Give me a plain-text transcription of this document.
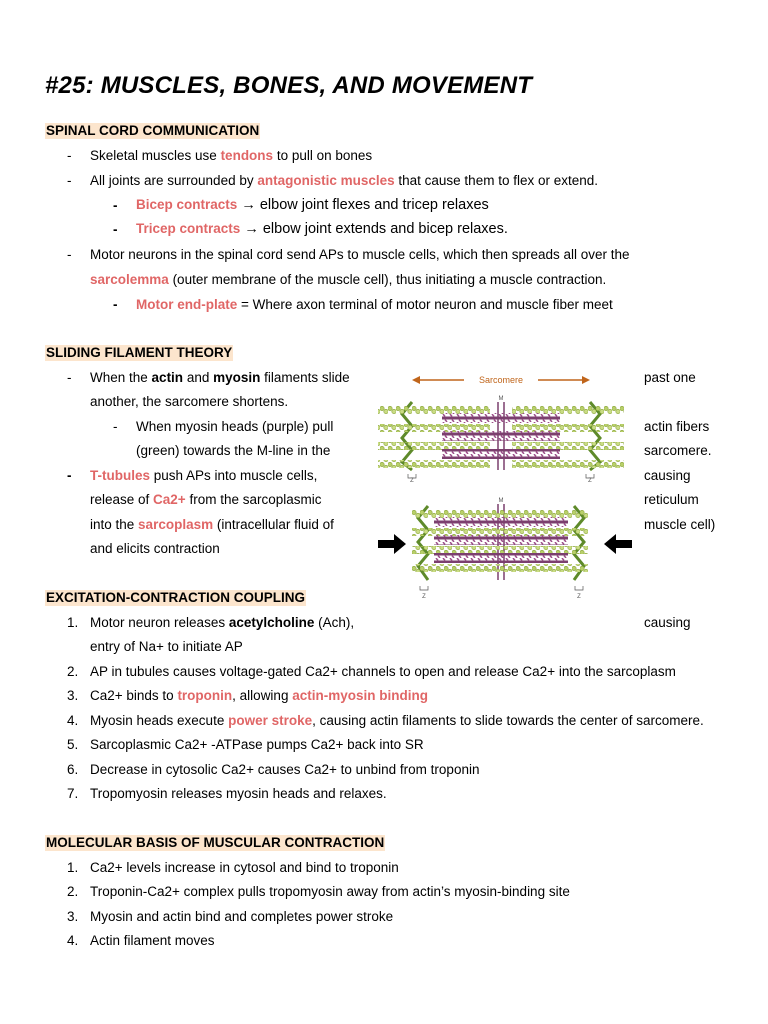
#25: MUSCLES, BONES, AND MOVEMENT
SPINAL CORD COMMUNICATION
- Skeletal muscles use tendons to pull on bones
- All joints are surrounded by antagonistic muscles that cause them to flex or extend.
- Bicep contracts → elbow joint flexes and tricep relaxes
- Tricep contracts → elbow joint extends and bicep relaxes.
- Motor neurons in the spinal cord send APs to muscle cells, which then spreads all over the
sarcolemma (outer membrane of the muscle cell), thus initiating a muscle contraction.
- Motor end-plate = Where axon terminal of motor neuron and muscle fiber meet
SLIDING FILAMENT THEORY
- When the actin and myosin filaments slide	past one
another, the sarcomere shortens.
- When myosin heads (purple) pull	actin fibers
(green) towards the M-line in the	sarcomere.
- T-tubules push APs into muscle cells,	causing
release of Ca2+ from the sarcoplasmic	reticulum
into the sarcoplasm (intracellular fluid of	muscle cell)
and elicits contraction
Sarcomere
M
Z	Z
M
Z	Z
EXCITATION-CONTRACTION COUPLING
1. Motor neuron releases acetylcholine (Ach),	causing
entry of Na+ to initiate AP
2. AP in tubules causes voltage-gated Ca2+ channels to open and release Ca2+ into the sarcoplasm
3. Ca2+ binds to troponin, allowing actin-myosin binding
4. Myosin heads execute power stroke, causing actin filaments to slide towards the center of sarcomere.
5. Sarcoplasmic Ca2+ -ATPase pumps Ca2+ back into SR
6. Decrease in cytosolic Ca2+ causes Ca2+ to unbind from troponin
7. Tropomyosin releases myosin heads and relaxes.
MOLECULAR BASIS OF MUSCULAR CONTRACTION
1. Ca2+ levels increase in cytosol and bind to troponin
2. Troponin-Ca2+ complex pulls tropomyosin away from actin’s myosin-binding site
3. Myosin and actin bind and completes power stroke
4. Actin filament moves
